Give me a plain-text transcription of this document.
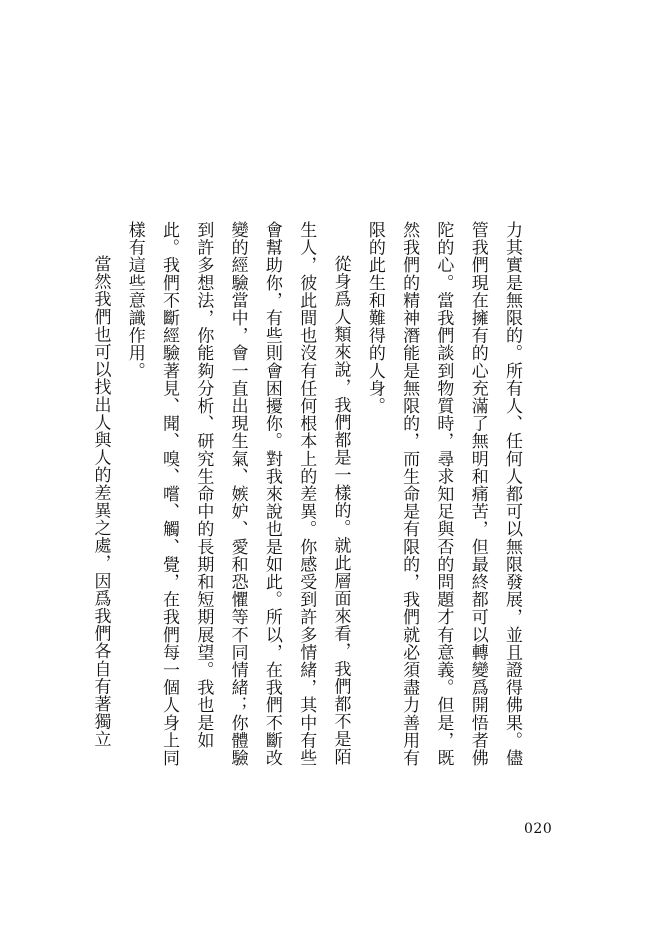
力其實是無限的。所有人、任何人都可以無限發展，並且證得佛果。儘管我們現在擁有的心充滿了無明和痛苦，但最終都可以轉變爲開悟者佛陀的心。當我們談到物質時，尋求知足與否的問題才有意義。但是，既然我們的精神潛能是無限的，而生命是有限的，我們就必須盡力善用有限的此生和難得的人身。

從身爲人類來說，我們都是一樣的。就此層面來看，我們都不是陌生人，彼此間也沒有任何根本上的差異。你感受到許多情緒，其中有些會幫助你，有些則會困擾你。對我來說也是如此。所以，在我們不斷改變的經驗當中，會一直出現生氣、嫉妒、愛和恐懼等不同情緒；你體驗到許多想法，你能夠分析、研究生命中的長期和短期展望。我也是如此。我們不斷經驗著見、聞、嗅、嚐、觸、覺，在我們每一個人身上同樣有這些意識作用。

當然我們也可以找出人與人的差異之處，因爲我們各自有著獨立

020
